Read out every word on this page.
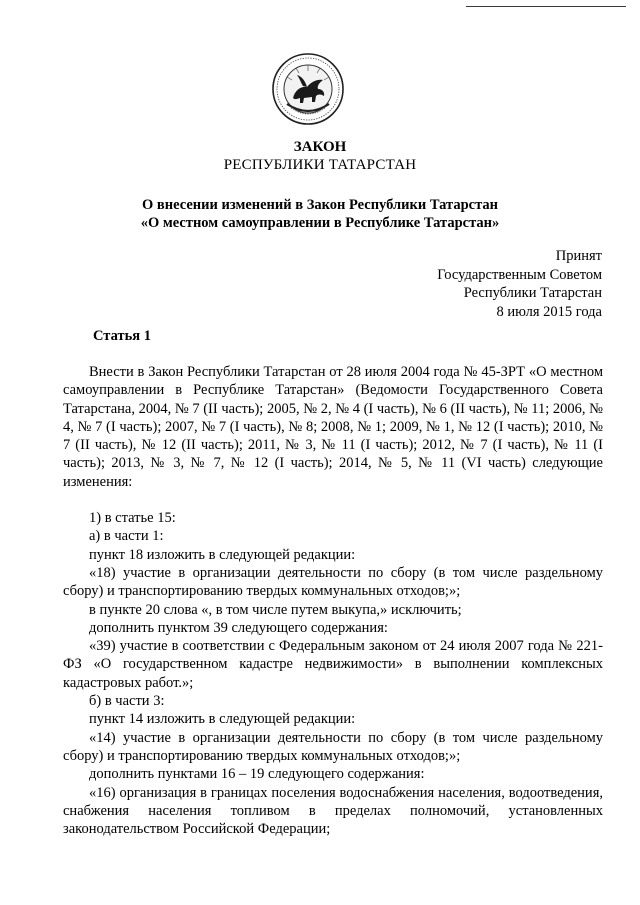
ЗАКОН
РЕСПУБЛИКИ ТАТАРСТАН
О внесении изменений в Закон Республики Татарстан
«О местном самоуправлении в Республике Татарстан»
Принят
Государственным Советом
Республики Татарстан
8 июля 2015 года
Статья 1

Внести в Закон Республики Татарстан от 28 июля 2004 года № 45-ЗРТ «О местном самоуправлении в Республике Татарстан» (Ведомости Государственного Совета Татарстана, 2004, № 7 (II часть); 2005, № 2, № 4 (I часть), № 6 (II часть), № 11; 2006, № 4, № 7 (I часть); 2007, № 7 (I часть), № 8; 2008, № 1; 2009, № 1, № 12 (I часть); 2010, № 7 (II часть), № 12 (II часть); 2011, № 3, № 11 (I часть); 2012, № 7 (I часть), № 11 (I часть); 2013, № 3, № 7, № 12 (I часть); 2014, № 5, № 11 (VI часть) следующие изменения:

1) в статье 15:

а) в части 1:

пункт 18 изложить в следующей редакции:

«18) участие в организации деятельности по сбору (в том числе раздельному сбору) и транспортированию твердых коммунальных отходов;»;

в пункте 20 слова «, в том числе путем выкупа,» исключить;

дополнить пунктом 39 следующего содержания:

«39) участие в соответствии с Федеральным законом от 24 июля 2007 года № 221-ФЗ «О государственном кадастре недвижимости» в выполнении комплексных кадастровых работ.»;

б) в части 3:

пункт 14 изложить в следующей редакции:

«14) участие в организации деятельности по сбору (в том числе раздельному сбору) и транспортированию твердых коммунальных отходов;»;

дополнить пунктами 16 – 19 следующего содержания:

«16) организация в границах поселения водоснабжения населения, водоотведения, снабжения населения топливом в пределах полномочий, установленных законодательством Российской Федерации;
